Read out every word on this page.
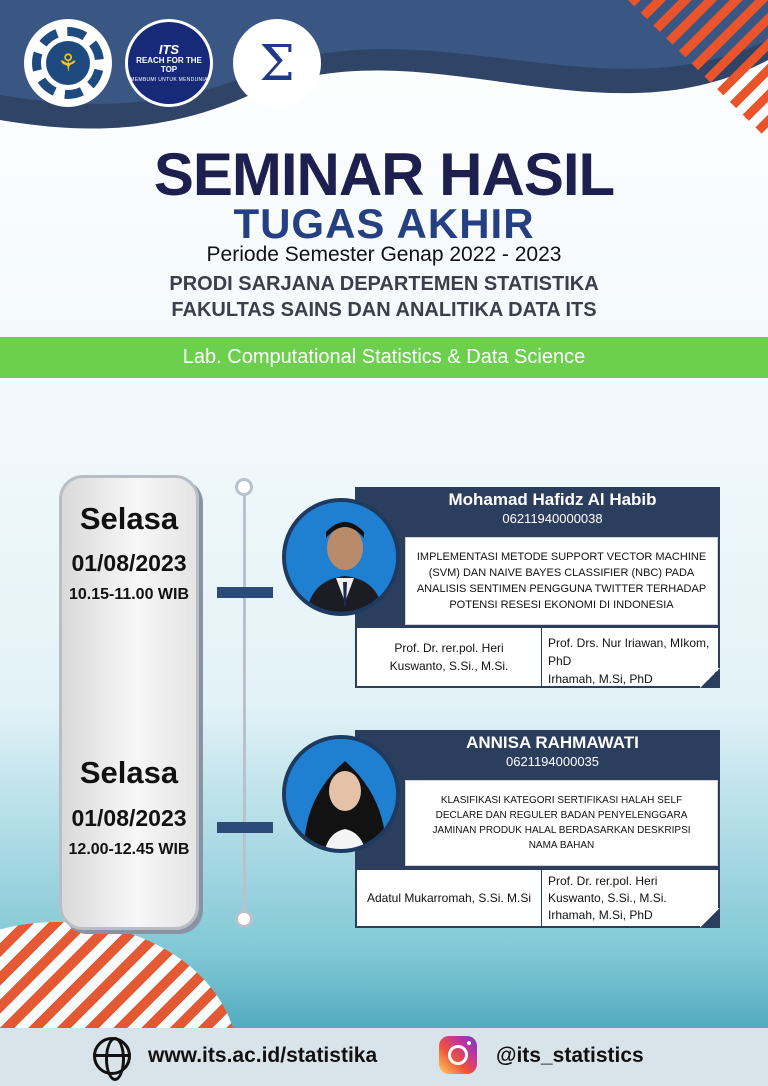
⚘	ITS
REACH FOR THE TOP
MEMBUMI UNTUK MENDUNIA Σ
SEMINAR HASIL
TUGAS AKHIR
Periode Semester Genap 2022 - 2023
PRODI SARJANA DEPARTEMEN STATISTIKA
FAKULTAS SAINS DAN ANALITIKA DATA ITS
Lab. Computational Statistics & Data Science
Selasa
01/08/2023
10.15-11.00 WIB
Selasa
01/08/2023
12.00-12.45 WIB
Mohamad Hafidz Al Habib
06211940000038
IMPLEMENTASI METODE SUPPORT VECTOR MACHINE (SVM) DAN NAIVE BAYES CLASSIFIER (NBC) PADA ANALISIS SENTIMEN PENGGUNA TWITTER TERHADAP POTENSI RESESI EKONOMI DI INDONESIA
Prof. Dr. rer.pol. Heri Kuswanto, S.Si., M.Si.
Prof. Drs. Nur Iriawan, MIkom, PhD
Irhamah, M.Si, PhD
ANNISA RAHMAWATI
0621194000035
KLASIFIKASI KATEGORI SERTIFIKASI HALAH SELF DECLARE DAN REGULER BADAN PENYELENGGARA JAMINAN PRODUK HALAL BERDASARKAN DESKRIPSI NAMA BAHAN
Adatul Mukarromah, S.Si. M.Si
Prof. Dr. rer.pol. Heri Kuswanto, S.Si., M.Si.
Irhamah, M.Si, PhD
www.its.ac.id/statistika	@its_statistics
